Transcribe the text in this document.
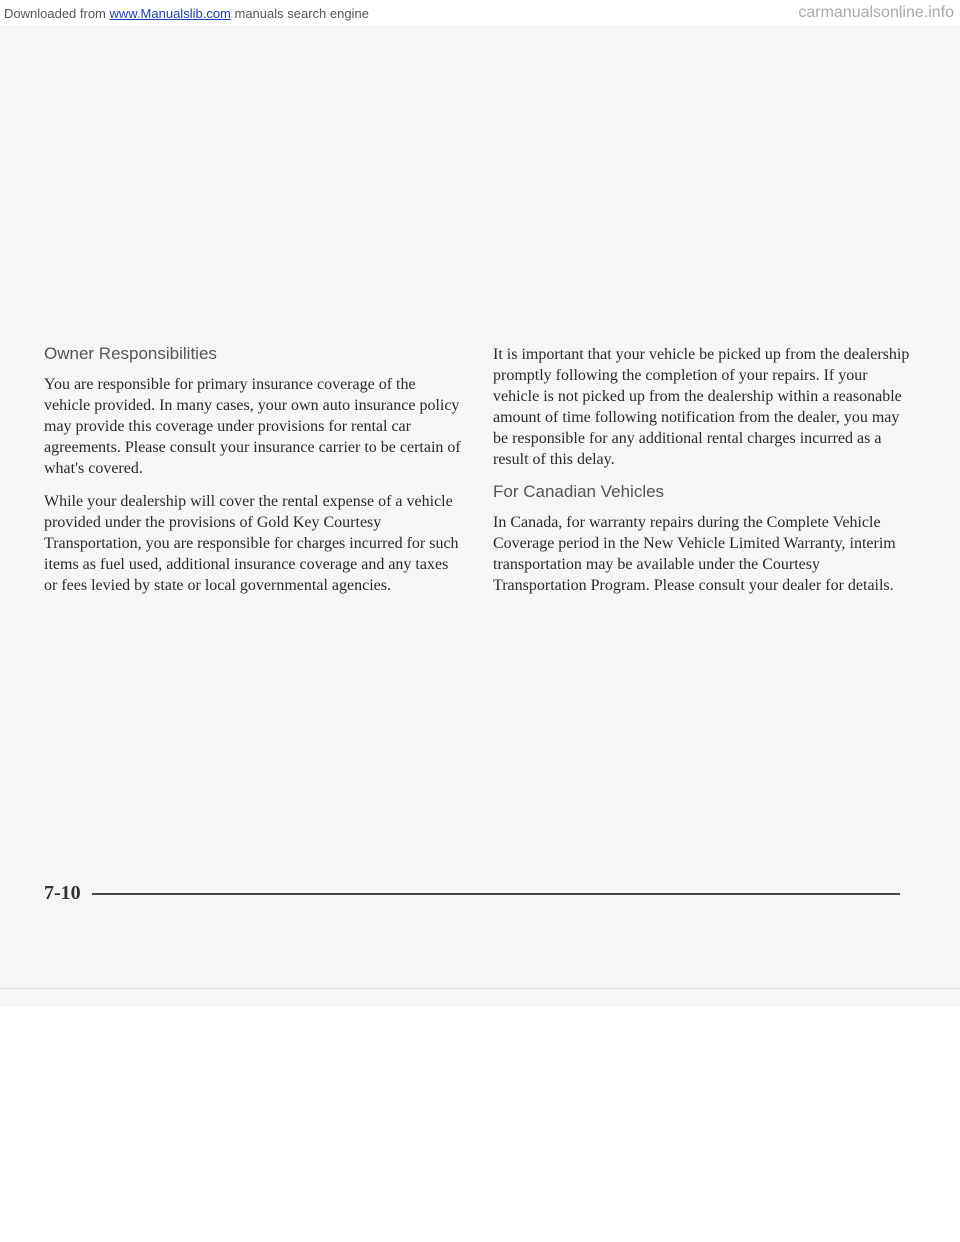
Downloaded from www.Manualslib.com manuals search engine	carmanualsonline.info
Owner Responsibilities

You are responsible for primary insurance coverage of the vehicle provided. In many cases, your own auto insurance policy may provide this coverage under provisions for rental car agreements. Please consult your insurance carrier to be certain of what's covered.

While your dealership will cover the rental expense of a vehicle provided under the provisions of Gold Key Courtesy Transportation, you are responsible for charges incurred for such items as fuel used, additional insurance coverage and any taxes or fees levied by state or local governmental agencies.

It is important that your vehicle be picked up from the dealership promptly following the completion of your repairs. If your vehicle is not picked up from the dealership within a reasonable amount of time following notification from the dealer, you may be responsible for any additional rental charges incurred as a result of this delay.

For Canadian Vehicles

In Canada, for warranty repairs during the Complete Vehicle Coverage period in the New Vehicle Limited Warranty, interim transportation may be available under the Courtesy Transportation Program. Please consult your dealer for details.

7-10
